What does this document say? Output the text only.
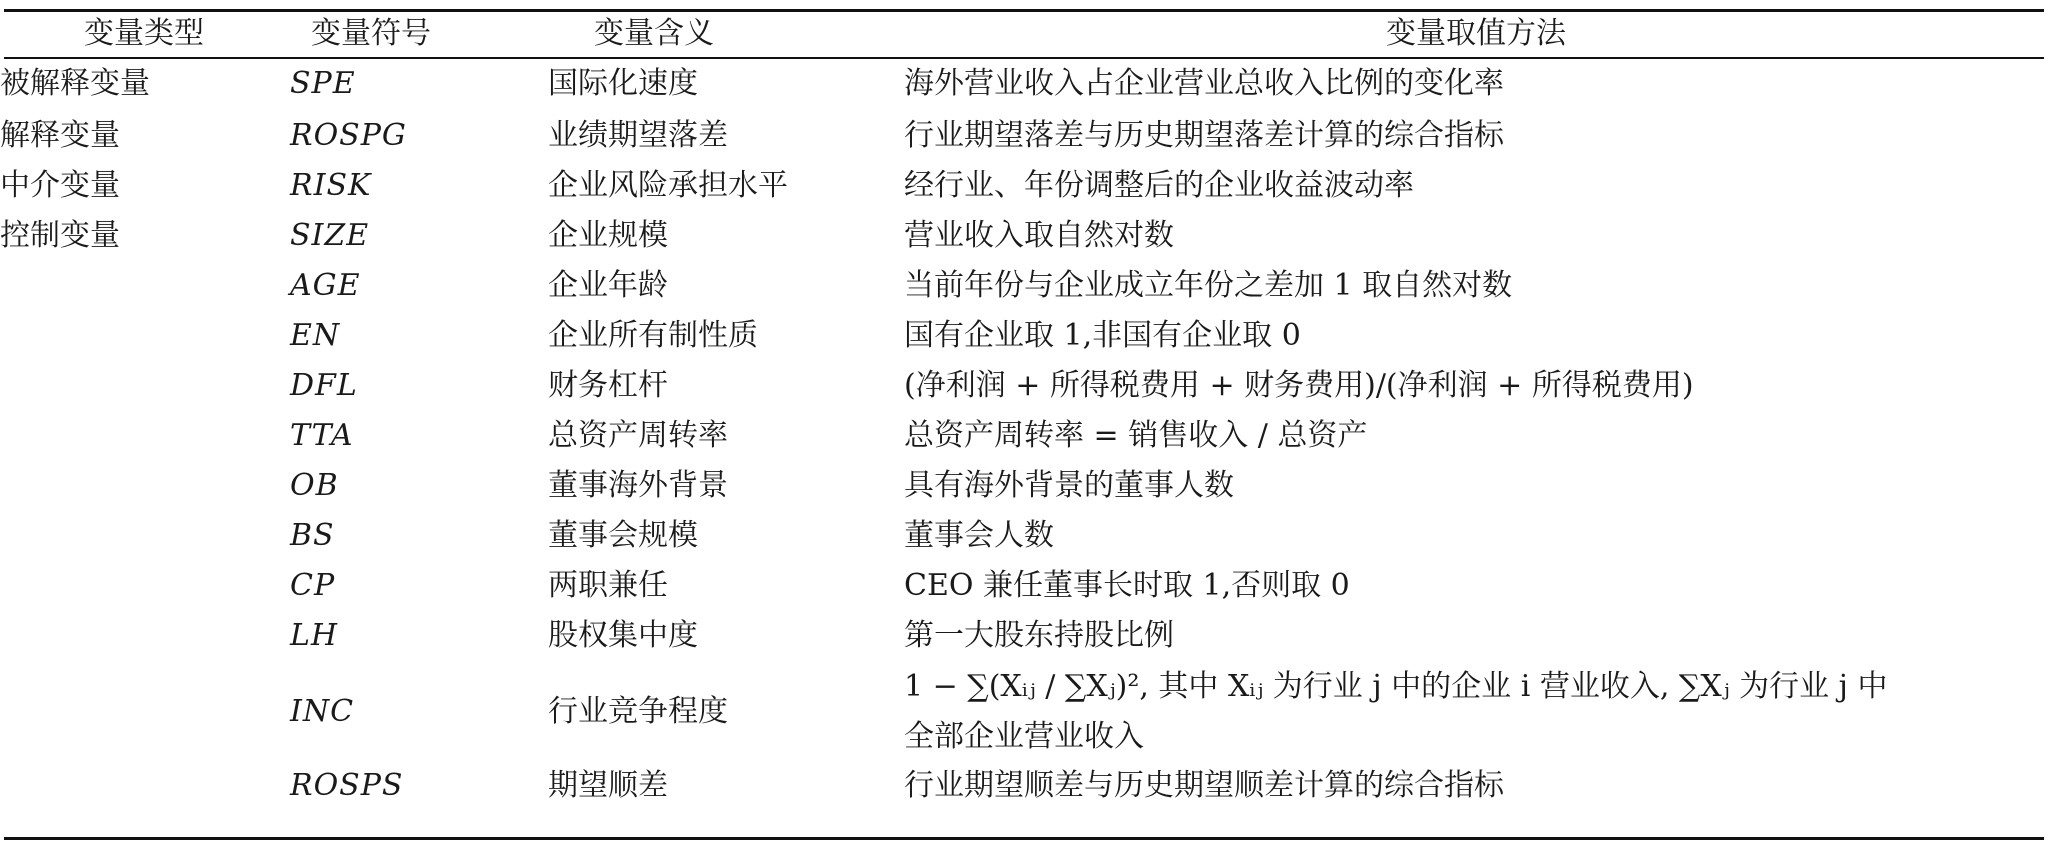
变量类型	变量符号	变量含义	变量取值方法
被解释变量	SPE	国际化速度	海外营业收入占企业营业总收入比例的变化率
解释变量	ROSPG	业绩期望落差	行业期望落差与历史期望落差计算的综合指标
中介变量	RISK	企业风险承担水平	经行业、年份调整后的企业收益波动率
控制变量	SIZE	企业规模	营业收入取自然对数
	AGE	企业年龄	当前年份与企业成立年份之差加 1 取自然对数
	EN	企业所有制性质	国有企业取 1,非国有企业取 0
	DFL	财务杠杆	(净利润 + 所得税费用 + 财务费用)/(净利润 + 所得税费用)
	TTA	总资产周转率	总资产周转率 = 销售收入 / 总资产
	OB	董事海外背景	具有海外背景的董事人数
	BS	董事会规模	董事会人数
	CP	两职兼任	CEO 兼任董事长时取 1,否则取 0
	LH	股权集中度	第一大股东持股比例
	INC	行业竞争程度	1 − ∑(Xᵢⱼ / ∑Xⱼ)², 其中 Xᵢⱼ 为行业 j 中的企业 i 营业收入, ∑Xⱼ 为行业 j 中
全部企业营业收入

	ROSPS	期望顺差	行业期望顺差与历史期望顺差计算的综合指标
